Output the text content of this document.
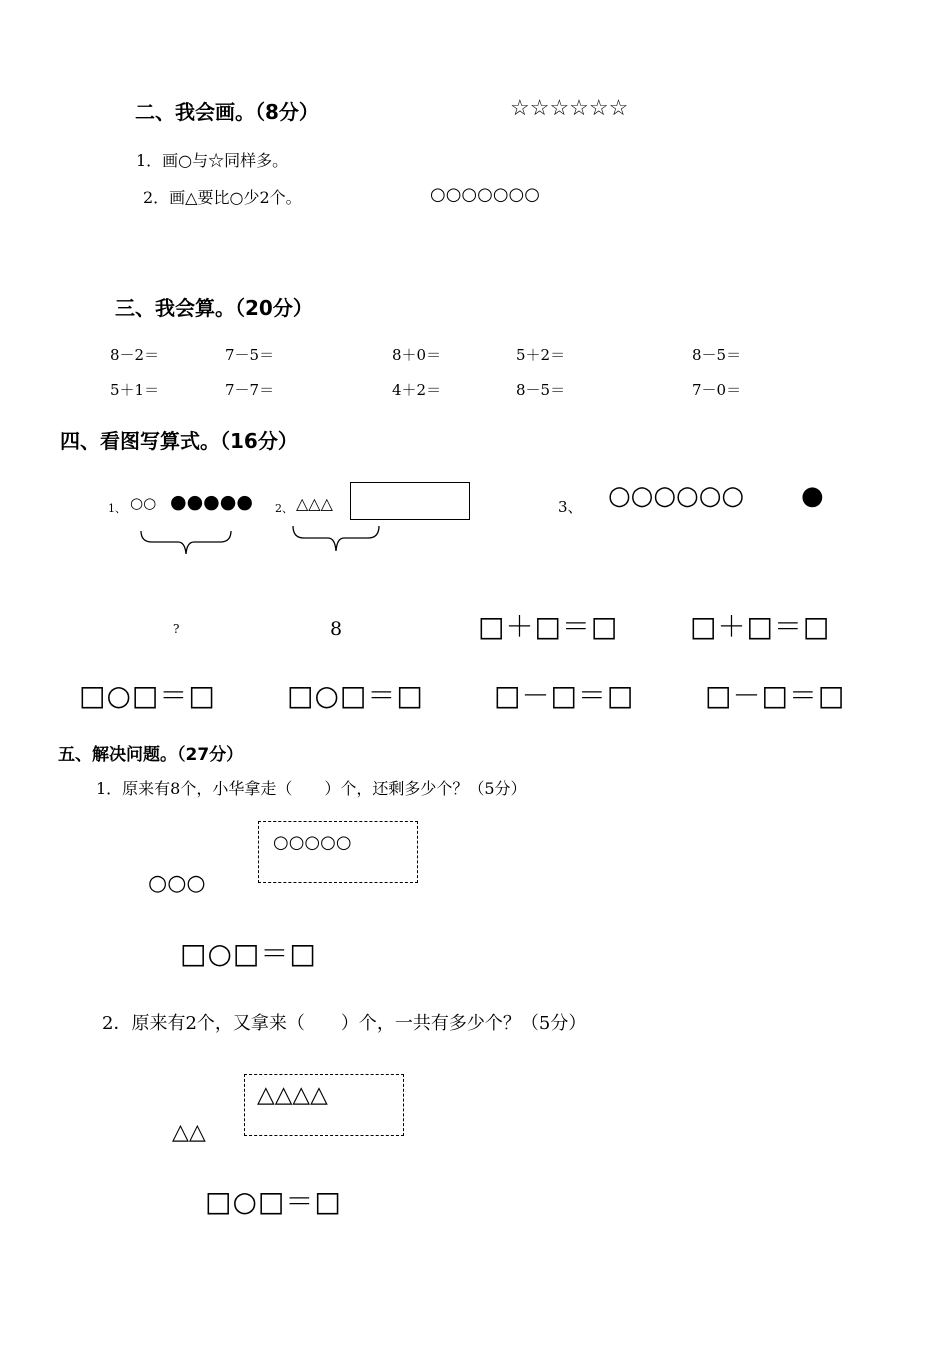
二、我会画。（8分）	☆☆☆☆☆☆
1．画○与☆同样多。
2．画△要比○少2个。	○○○○○○○
三、我会算。（20分）
8－2＝	7－5＝	8＋0＝	5＋2＝	8－5＝
5＋1＝	7－7＝	4＋2＝	8－5＝	7－0＝
四、看图写算式。（16分）
1、 ○○ ●●●●● 2、 △△△	3、 ○○○○○○ ●
?	8	□＋□＝□	□＋□＝□
□○□＝□	□○□＝□	□－□＝□	□－□＝□
五、解决问题。（27分）
1．原来有8个，小华拿走（　　）个，还剩多少个？（5分）
○○○○○
○○○
□○□＝□
2．原来有2个，又拿来（　　）个，一共有多少个？（5分）
△△△△
△△
□○□＝□
